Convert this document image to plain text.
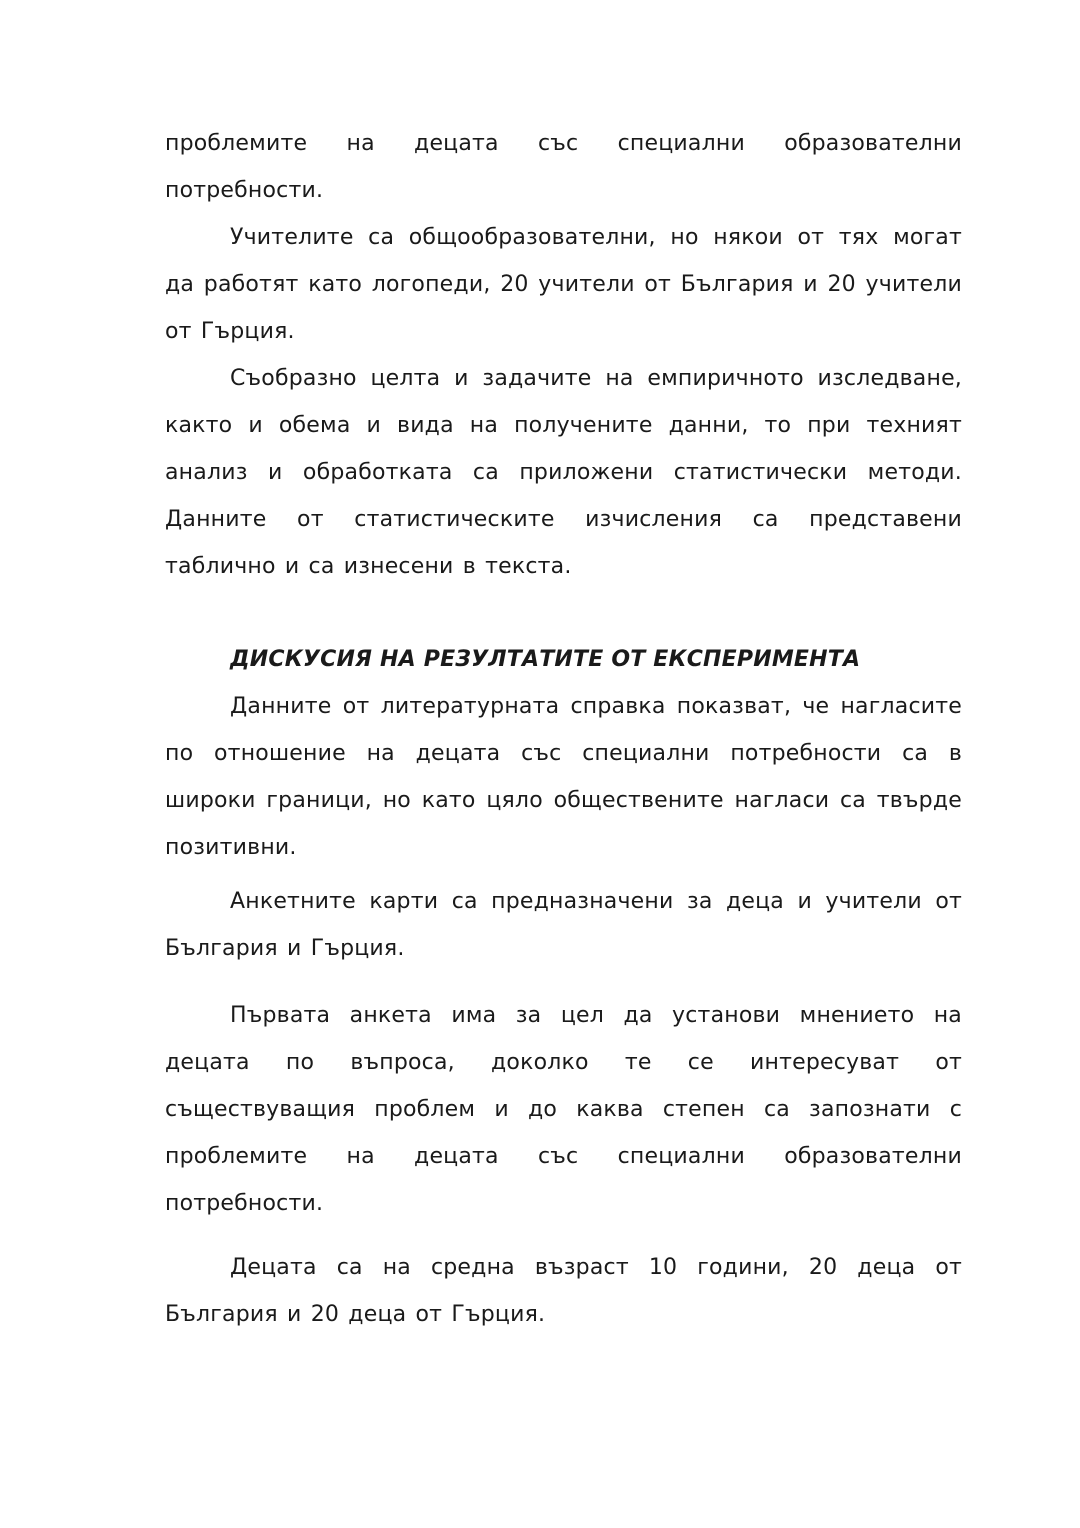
проблемите на децата със специални образователни потребности.

Учителите са общообразователни, но някои от тях могат да работят като логопеди, 20 учители от България и 20 учители от Гърция.

Съобразно целта и задачите на емпиричното изследване, както и обема и вида на получените данни, то при техният анализ и обработката са приложени статистически методи. Данните от статистическите изчисления са представени таблично и са изнесени в текста.

ДИСКУСИЯ НА РЕЗУЛТАТИТЕ ОТ ЕКСПЕРИМЕНТА

Данните от литературната справка показват, че нагласите по отношение на децата със специални потребности са в широки граници, но като цяло обществените нагласи са твърде позитивни.

Анкетните карти са предназначени за деца и учители от България и Гърция.

Първата анкета има за цел да установи мнението на децата по въпроса, доколко те се интересуват от съществуващия проблем и до каква степен са запознати с проблемите на децата със специални образователни потребности.

Децата са на средна възраст 10 години, 20 деца от България и 20 деца от Гърция.
